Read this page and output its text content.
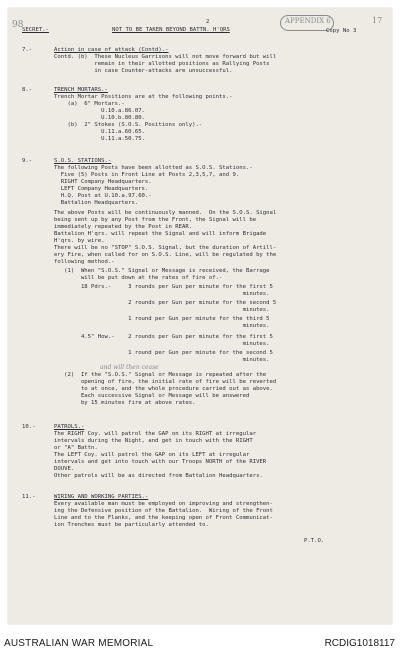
98	2
SECRET.-	NOT TO BE TAKEN BEYOND BATTN. H'QRS
APPENDIX 6	17
Copy No 3
7.-	Action in case of attack (Contd).-
Contd. (b)  These Nucleus Garrisons will not move forward but will
remain in their allotted positions as Rallying Posts
in case Counter-attacks are unsuccessful.
8.-	TRENCH MORTARS.-
Trench Mortar Positions are at the following points.-
(a)  6" Mortars.-
U.10.a.86.07.
U.10.b.80.80.
(b)  2" Stokes (S.O.S. Positions only).-
U.11.a.60.65.
U.11.a.50.75.
9.-	S.O.S. STATIONS.-
The following Posts have been allotted as S.O.S. Stations.-
Five (5) Posts in Front Line at Posts 2,3,5,7, and 9.
RIGHT Company Headquarters.
LEFT Company Headquarters.
H.Q. Post at U.10.a.97.60.-
Battalion Headquarters.
The above Posts will be continuously manned.  On the S.O.S. Signal
being sent up by any Post from the Front, the Signal will be
immediately repeated by the Post in REAR.
Battalion H'qrs. will repeat the Signal and will inform Brigade
H'qrs. by wire.
There will be no "STOP" S.O.S. Signal, but the duration of Artill-
ery Fire, when called for on S.O.S. Line, will be regulated by the
following method.-
(1)  When "S.O.S." Signal or Message is received, the Barrage
will be put down at the rates of fire of.-
18 Pdrs.-     3 rounds per Gun per minute for the first 5
minutes.
2 rounds per Gun per minute for the second 5
minutes.
1 round per Gun per minute for the third 5
minutes.
4.5" How.-    2 rounds per Gun per minute for the first 5
minutes.
1 round per Gun per minute for the second 5
minutes.
and will then cease
(2)  If the "S.O.S." Signal or Message is repeated after the
opening of fire, the initial rate of fire will be reverted
to at once, and the whole procedure carried out as above.
Each successive Signal or Message will be answered
by 15 minutes fire at above rates.
10.-	PATROLS.-
The RIGHT Coy. will patrol the GAP on its RIGHT at irregular
intervals during the Night, and get in touch with the RIGHT
or "A" Battn.
The LEFT Coy. will patrol the GAP on its LEFT at irregular
intervals and get into touch with our Troops NORTH of the RIVER
DOUVE.
Other patrols will be as directed from Battalion Headquarters.
11.-	WIRING AND WORKING PARTIES.-
Every available man must be employed on improving and strengthen-
ing the Defensive position of the Battalion.  Wiring of the Front
Line and to the Flanks, and the keeping open of Front Communicat-
ion Trenches must be particularly attended to.
P.T.O.
AUSTRALIAN WAR MEMORIAL	RCDIG1018117
